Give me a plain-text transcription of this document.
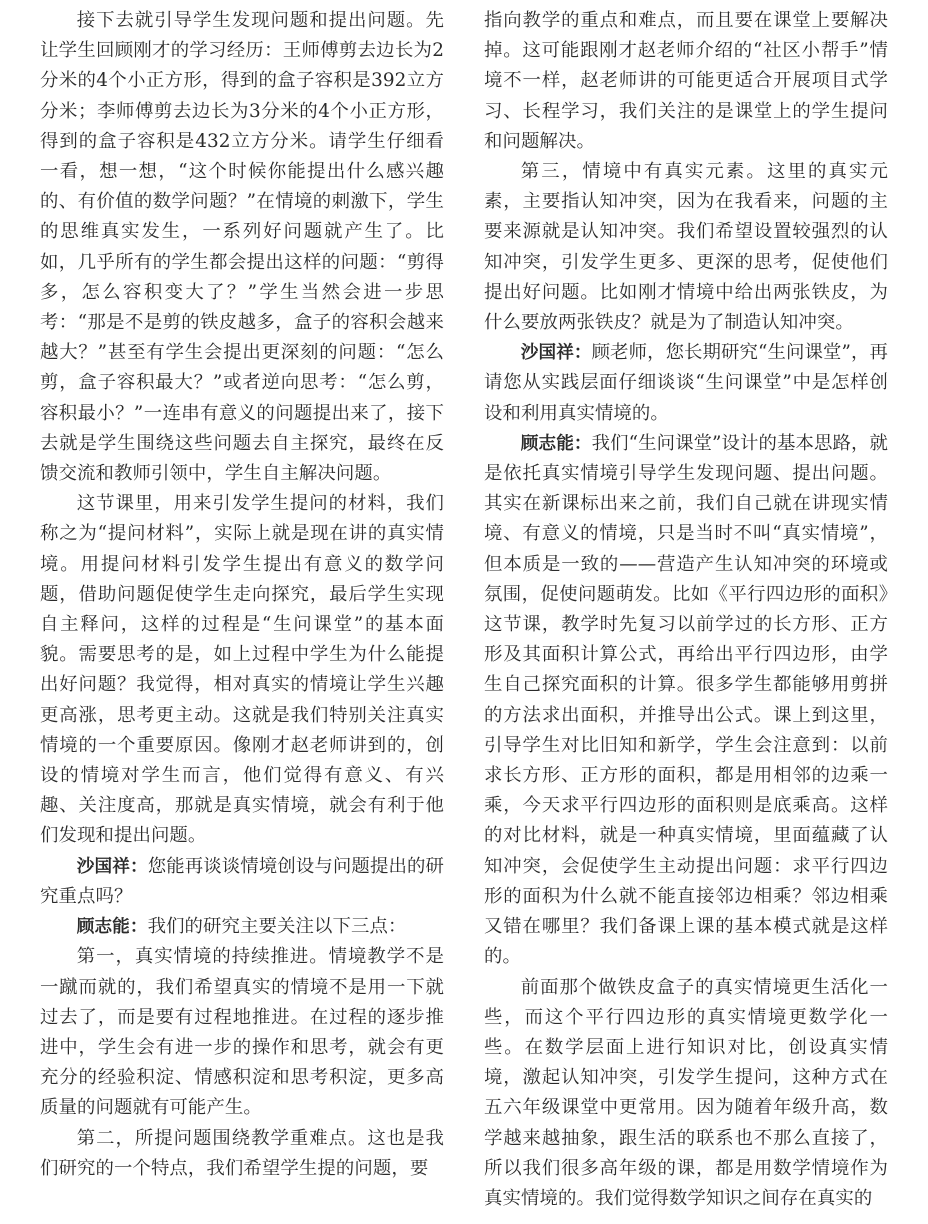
接下去就引导学生发现问题和提出问题。先让学生回顾刚才的学习经历：王师傅剪去边长为2分米的4个小正方形，得到的盒子容积是392立方分米；李师傅剪去边长为3分米的4个小正方形，得到的盒子容积是432立方分米。请学生仔细看一看，想一想，“这个时候你能提出什么感兴趣的、有价值的数学问题？”在情境的刺激下，学生的思维真实发生，一系列好问题就产生了。比如，几乎所有的学生都会提出这样的问题：“剪得多，怎么容积变大了？”学生当然会进一步思考：“那是不是剪的铁皮越多，盒子的容积会越来越大？”甚至有学生会提出更深刻的问题：“怎么剪，盒子容积最大？”或者逆向思考：“怎么剪，容积最小？”一连串有意义的问题提出来了，接下去就是学生围绕这些问题去自主探究，最终在反馈交流和教师引领中，学生自主解决问题。

这节课里，用来引发学生提问的材料，我们称之为“提问材料”，实际上就是现在讲的真实情境。用提问材料引发学生提出有意义的数学问题，借助问题促使学生走向探究，最后学生实现自主释问，这样的过程是“生问课堂”的基本面貌。需要思考的是，如上过程中学生为什么能提出好问题？我觉得，相对真实的情境让学生兴趣更高涨，思考更主动。这就是我们特别关注真实情境的一个重要原因。像刚才赵老师讲到的，创设的情境对学生而言，他们觉得有意义、有兴趣、关注度高，那就是真实情境，就会有利于他们发现和提出问题。

沙国祥：您能再谈谈情境创设与问题提出的研究重点吗？

顾志能：我们的研究主要关注以下三点：

第一，真实情境的持续推进。情境教学不是一蹴而就的，我们希望真实的情境不是用一下就过去了，而是要有过程地推进。在过程的逐步推进中，学生会有进一步的操作和思考，就会有更充分的经验积淀、情感积淀和思考积淀，更多高质量的问题就有可能产生。

第二，所提问题围绕教学重难点。这也是我们研究的一个特点，我们希望学生提的问题，要

指向教学的重点和难点，而且要在课堂上要解决掉。这可能跟刚才赵老师介绍的“社区小帮手”情境不一样，赵老师讲的可能更适合开展项目式学习、长程学习，我们关注的是课堂上的学生提问和问题解决。

第三，情境中有真实元素。这里的真实元素，主要指认知冲突，因为在我看来，问题的主要来源就是认知冲突。我们希望设置较强烈的认知冲突，引发学生更多、更深的思考，促使他们提出好问题。比如刚才情境中给出两张铁皮，为什么要放两张铁皮？就是为了制造认知冲突。

沙国祥：顾老师，您长期研究“生问课堂”，再请您从实践层面仔细谈谈“生问课堂”中是怎样创设和利用真实情境的。

顾志能：我们“生问课堂”设计的基本思路，就是依托真实情境引导学生发现问题、提出问题。其实在新课标出来之前，我们自己就在讲现实情境、有意义的情境，只是当时不叫“真实情境”，但本质是一致的——营造产生认知冲突的环境或氛围，促使问题萌发。比如《平行四边形的面积》这节课，教学时先复习以前学过的长方形、正方形及其面积计算公式，再给出平行四边形，由学生自己探究面积的计算。很多学生都能够用剪拼的方法求出面积，并推导出公式。课上到这里，引导学生对比旧知和新学，学生会注意到：以前求长方形、正方形的面积，都是用相邻的边乘一乘，今天求平行四边形的面积则是底乘高。这样的对比材料，就是一种真实情境，里面蕴藏了认知冲突，会促使学生主动提出问题：求平行四边形的面积为什么就不能直接邻边相乘？邻边相乘又错在哪里？我们备课上课的基本模式就是这样的。

前面那个做铁皮盒子的真实情境更生活化一些，而这个平行四边形的真实情境更数学化一些。在数学层面上进行知识对比，创设真实情境，激起认知冲突，引发学生提问，这种方式在五六年级课堂中更常用。因为随着年级升高，数学越来越抽象，跟生活的联系也不那么直接了，所以我们很多高年级的课，都是用数学情境作为真实情境的。我们觉得数学知识之间存在真实的
